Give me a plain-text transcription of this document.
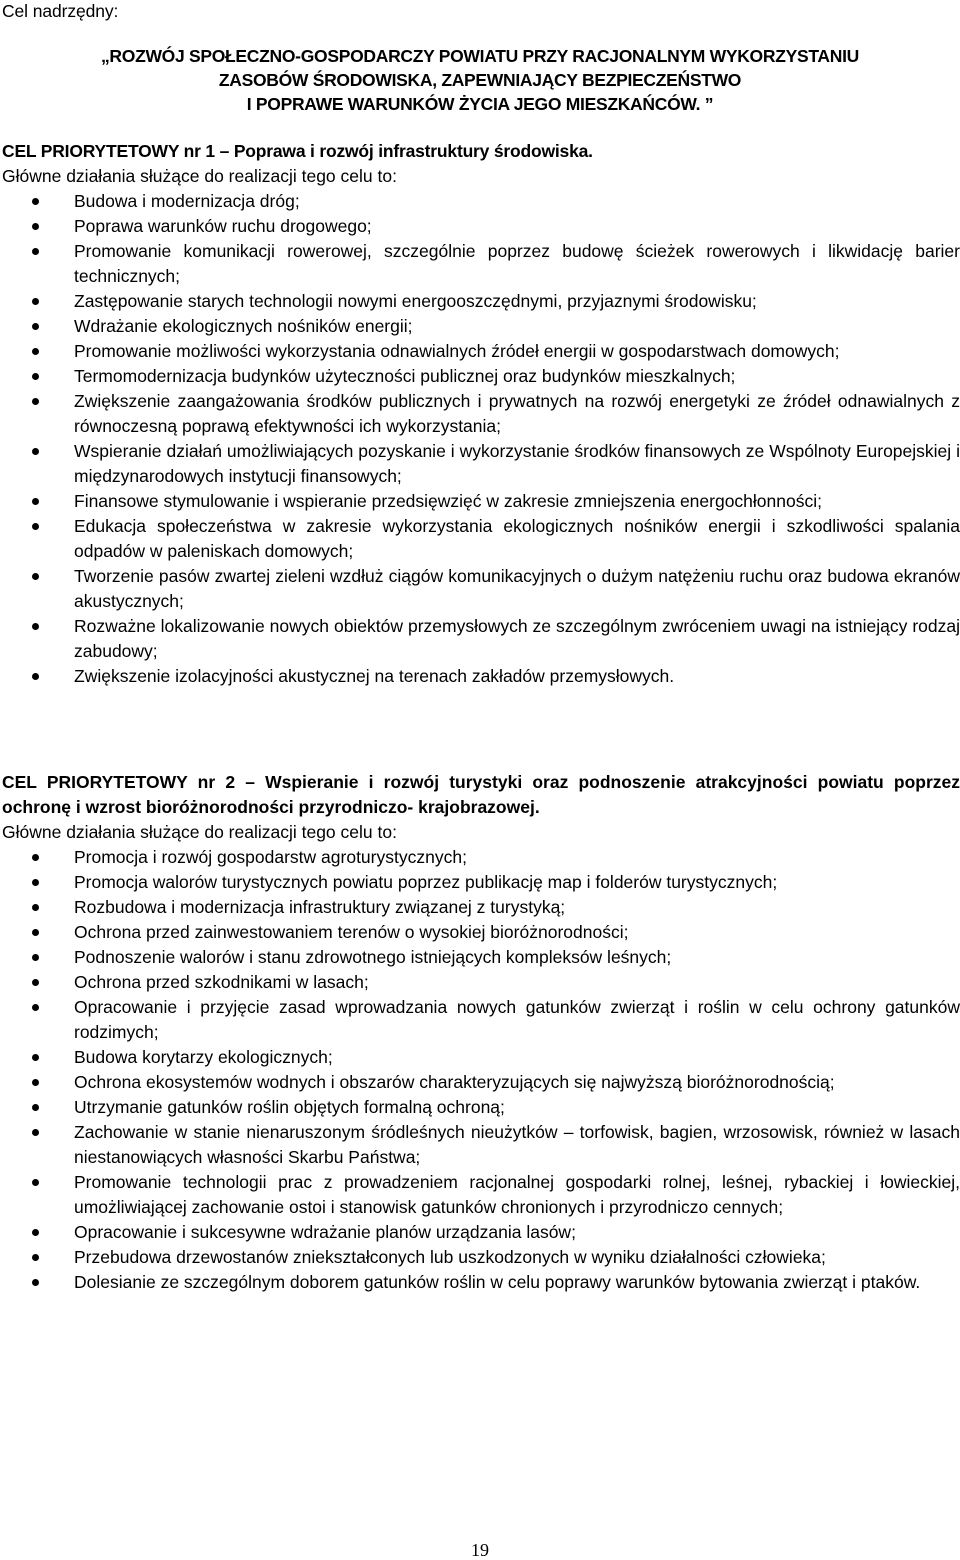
Cel nadrzędny:
„ROZWÓJ SPOŁECZNO-GOSPODARCZY POWIATU PRZY RACJONALNYM WYKORZYSTANIU
ZASOBÓW ŚRODOWISKA, ZAPEWNIAJĄCY BEZPIECZEŃSTWO
I POPRAWE WARUNKÓW ŻYCIA JEGO MIESZKAŃCÓW. ”
CEL PRIORYTETOWY nr 1 – Poprawa i rozwój infrastruktury środowiska.
Główne działania służące do realizacji tego celu to:
Budowa i modernizacja dróg;
Poprawa warunków ruchu drogowego;
Promowanie komunikacji rowerowej, szczególnie poprzez budowę ścieżek rowerowych i likwidację barier technicznych;
Zastępowanie starych technologii nowymi energooszczędnymi, przyjaznymi środowisku;
Wdrażanie ekologicznych nośników energii;
Promowanie możliwości wykorzystania odnawialnych źródeł energii w gospodarstwach domowych;
Termomodernizacja budynków użyteczności publicznej oraz budynków mieszkalnych;
Zwiększenie zaangażowania środków publicznych i prywatnych na rozwój energetyki ze źródeł odnawialnych z równoczesną poprawą efektywności ich wykorzystania;
Wspieranie działań umożliwiających pozyskanie i wykorzystanie środków finansowych ze Wspólnoty Europejskiej i międzynarodowych instytucji finansowych;
Finansowe stymulowanie i wspieranie przedsięwzięć w zakresie zmniejszenia energochłonności;
Edukacja społeczeństwa w zakresie wykorzystania ekologicznych nośników energii i szkodliwości spalania odpadów w paleniskach domowych;
Tworzenie pasów zwartej zieleni wzdłuż ciągów komunikacyjnych o dużym natężeniu ruchu oraz budowa ekranów akustycznych;
Rozważne lokalizowanie nowych obiektów przemysłowych ze szczególnym zwróceniem uwagi na istniejący rodzaj zabudowy;
Zwiększenie izolacyjności akustycznej na terenach zakładów przemysłowych.
CEL PRIORYTETOWY nr 2 – Wspieranie i rozwój turystyki oraz podnoszenie atrakcyjności powiatu poprzez ochronę i wzrost bioróżnorodności przyrodniczo- krajobrazowej.
Główne działania służące do realizacji tego celu to:
Promocja i rozwój gospodarstw agroturystycznych;
Promocja walorów turystycznych powiatu poprzez publikację map i folderów turystycznych;
Rozbudowa i modernizacja infrastruktury związanej z turystyką;
Ochrona przed zainwestowaniem terenów o wysokiej bioróżnorodności;
Podnoszenie walorów i stanu zdrowotnego istniejących kompleksów leśnych;
Ochrona przed szkodnikami w lasach;
Opracowanie i przyjęcie zasad wprowadzania nowych gatunków zwierząt i roślin w celu ochrony gatunków rodzimych;
Budowa korytarzy ekologicznych;
Ochrona ekosystemów wodnych i obszarów charakteryzujących się najwyższą bioróżnorodnością;
Utrzymanie gatunków roślin objętych formalną ochroną;
Zachowanie w stanie nienaruszonym śródleśnych nieużytków – torfowisk, bagien, wrzosowisk, również w lasach niestanowiących własności Skarbu Państwa;
Promowanie technologii prac z prowadzeniem racjonalnej gospodarki rolnej, leśnej, rybackiej i łowieckiej, umożliwiającej zachowanie ostoi i stanowisk gatunków chronionych i przyrodniczo cennych;
Opracowanie i sukcesywne wdrażanie planów urządzania lasów;
Przebudowa drzewostanów zniekształconych lub uszkodzonych w wyniku działalności człowieka;
Dolesianie ze szczególnym doborem gatunków roślin w celu poprawy warunków bytowania zwierząt i ptaków.
19
